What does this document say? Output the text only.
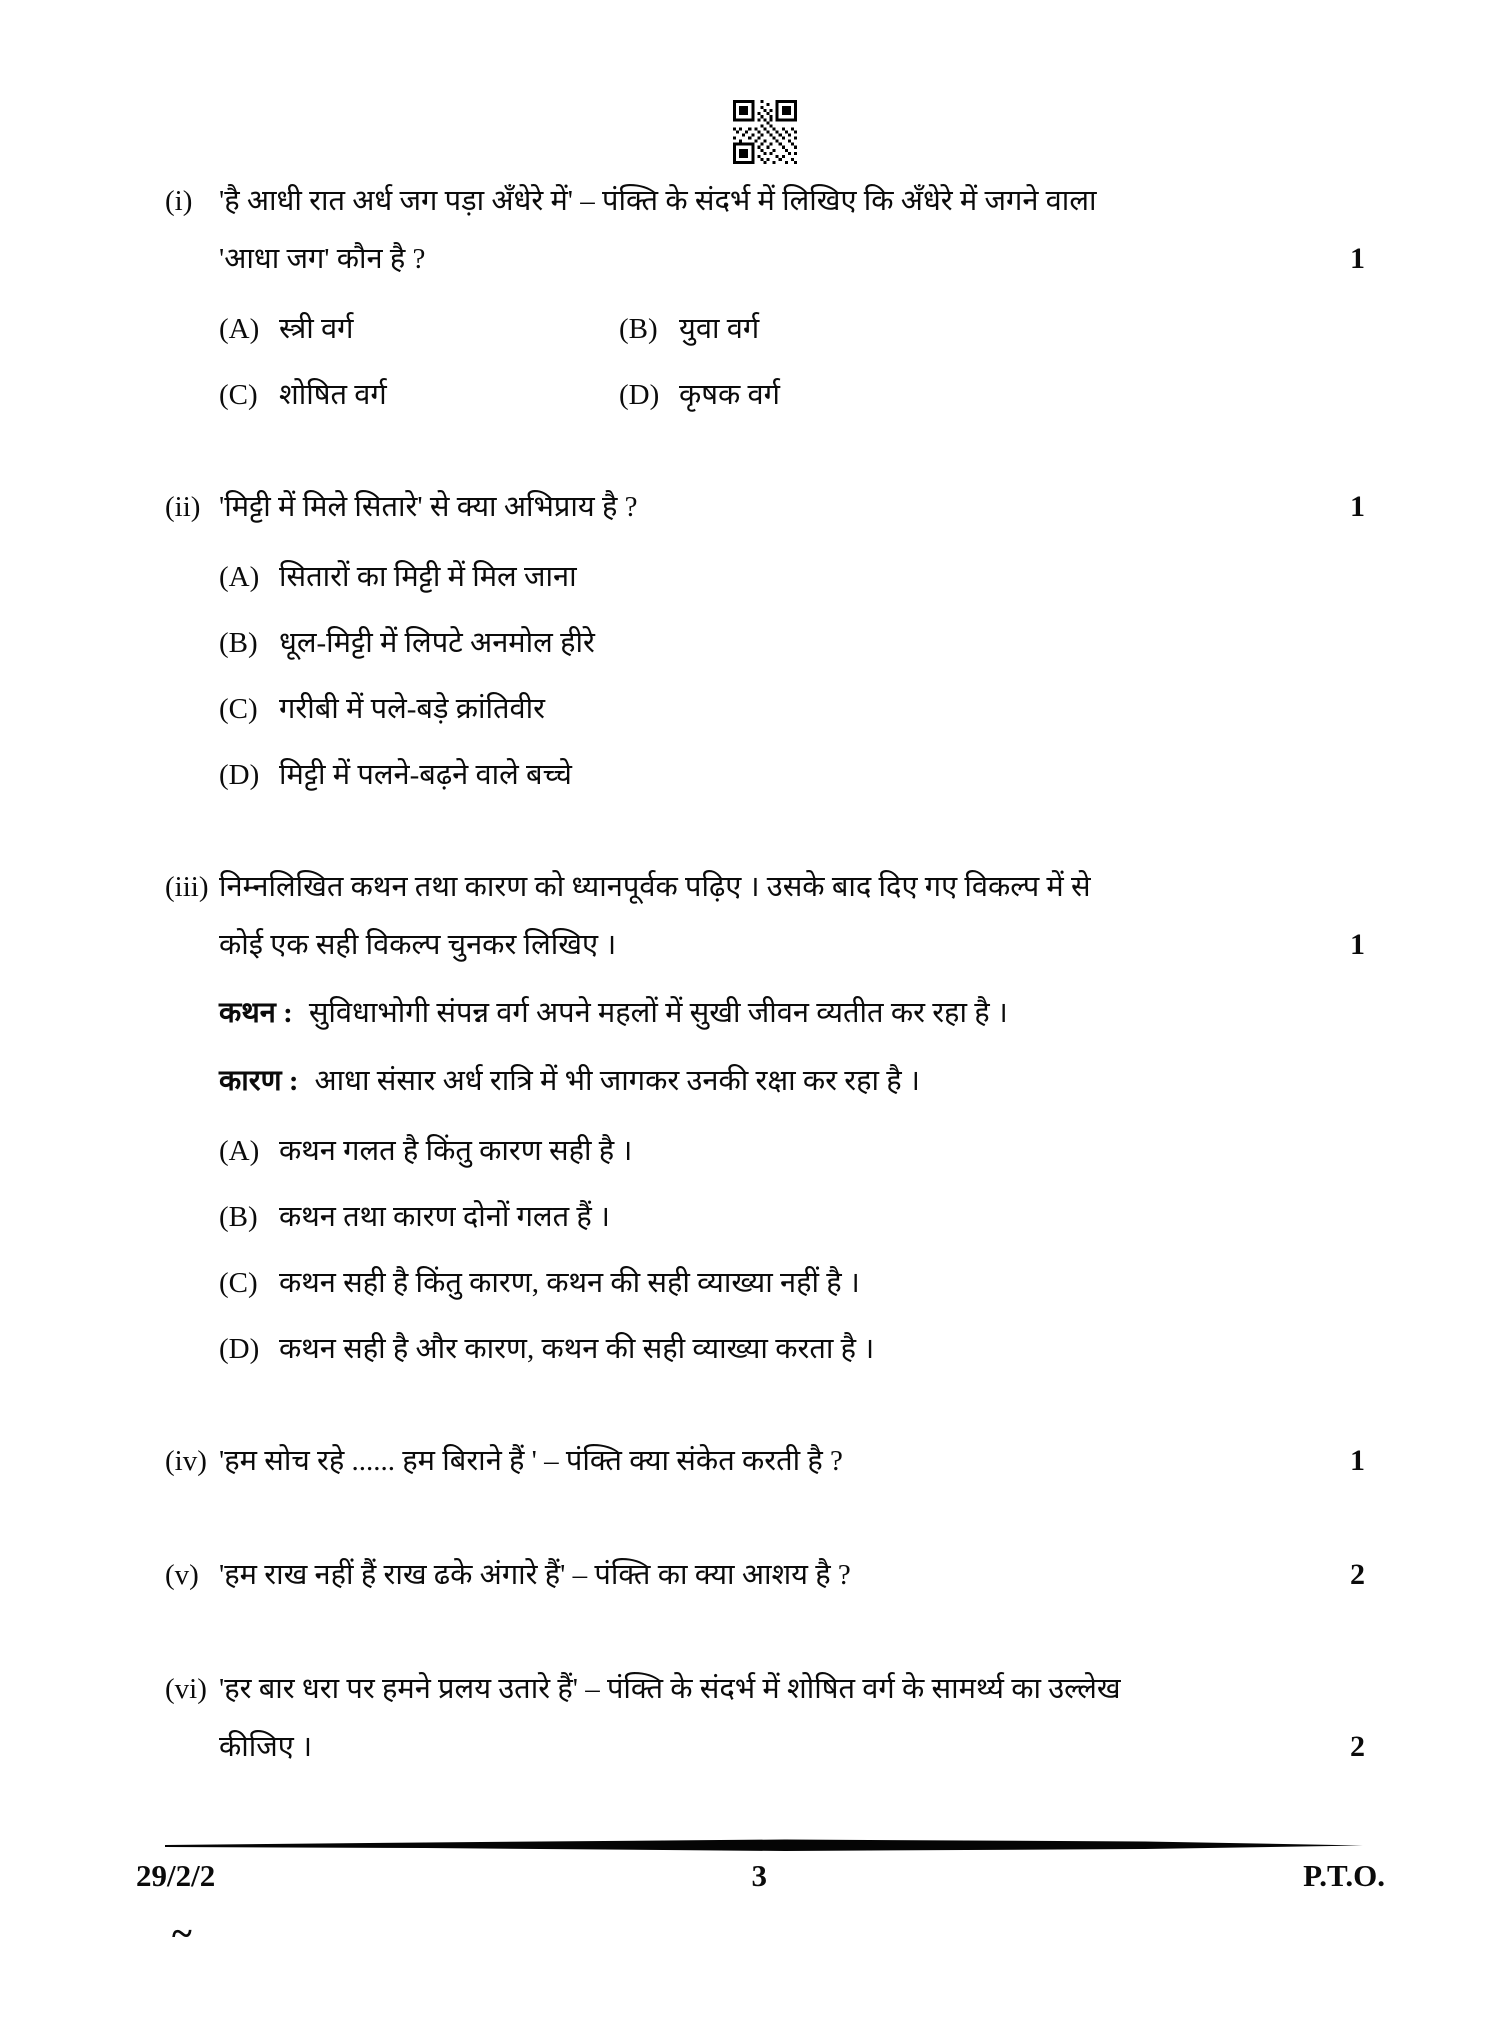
(i) 'है आधी रात अर्ध जग पड़ा अँधेरे में' – पंक्ति के संदर्भ में लिखिए कि अँधेरे में जगने वाला
'आधा जग' कौन है ?	1
(A) स्त्री वर्ग	(B) युवा वर्ग
(C) शोषित वर्ग	(D) कृषक वर्ग
(ii) 'मिट्टी में मिले सितारे' से क्या अभिप्राय है ?	1
(A) सितारों का मिट्टी में मिल जाना
(B) धूल-मिट्टी में लिपटे अनमोल हीरे
(C) गरीबी में पले-बड़े क्रांतिवीर
(D) मिट्टी में पलने-बढ़ने वाले बच्चे
(iii) निम्नलिखित कथन तथा कारण को ध्यानपूर्वक पढ़िए । उसके बाद दिए गए विकल्प में से
कोई एक सही विकल्प चुनकर लिखिए ।	1
कथन : सुविधाभोगी संपन्न वर्ग अपने महलों में सुखी जीवन व्यतीत कर रहा है ।
कारण : आधा संसार अर्ध रात्रि में भी जागकर उनकी रक्षा कर रहा है ।
(A) कथन गलत है किंतु कारण सही है ।
(B) कथन तथा कारण दोनों गलत हैं ।
(C) कथन सही है किंतु कारण, कथन की सही व्याख्या नहीं है ।
(D) कथन सही है और कारण, कथन की सही व्याख्या करता है ।
(iv) 'हम सोच रहे ...... हम बिराने हैं ' – पंक्ति क्या संकेत करती है ?	1
(v) 'हम राख नहीं हैं राख ढके अंगारे हैं' – पंक्ति का क्या आशय है ?	2
(vi) 'हर बार धरा पर हमने प्रलय उतारे हैं' – पंक्ति के संदर्भ में शोषित वर्ग के सामर्थ्य का उल्लेख
कीजिए ।	2
29/2/2	3	P.T.O.
~
